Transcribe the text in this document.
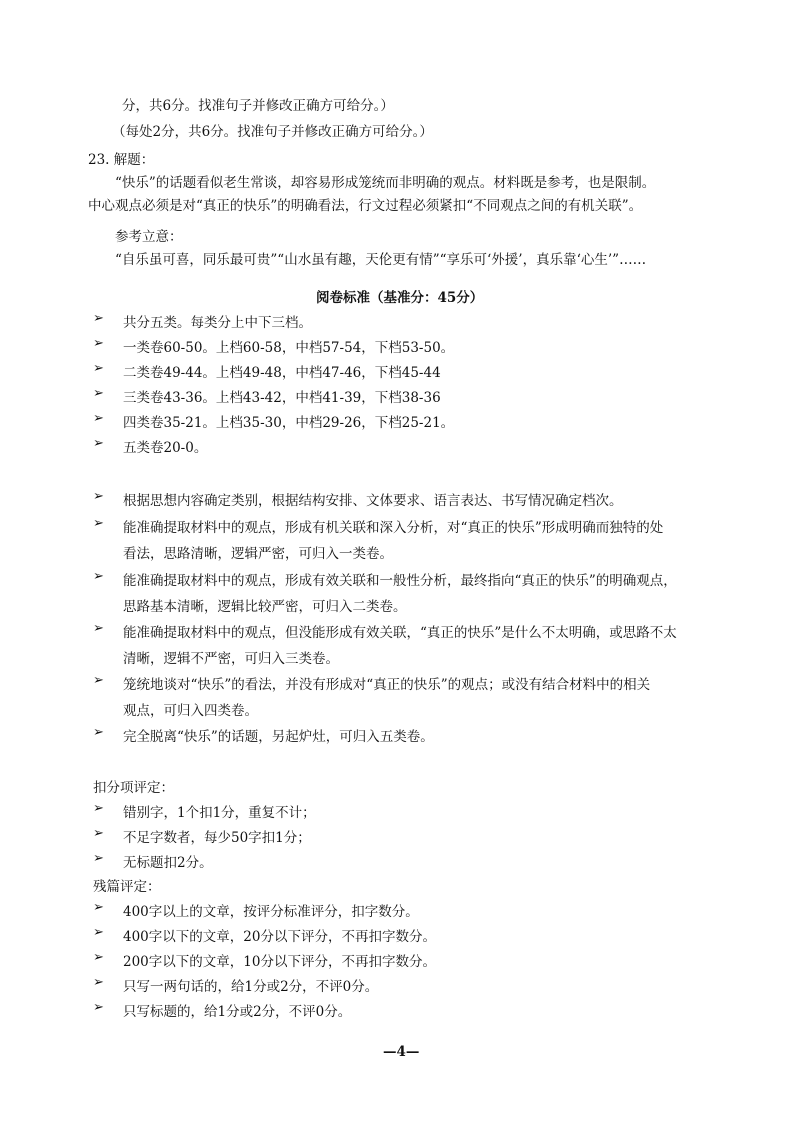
分，共6分。找准句子并修改正确方可给分。）
（每处2分，共6分。找准句子并修改正确方可给分。）
23. 解题：
“快乐”的话题看似老生常谈，却容易形成笼统而非明确的观点。材料既是参考，也是限制。
中心观点必须是对“真正的快乐”的明确看法，行文过程必须紧扣“不同观点之间的有机关联”。
参考立意：
“自乐虽可喜，同乐最可贵”“山水虽有趣，天伦更有情”“享乐可‘外援’，真乐靠‘心生’”……
阅卷标准（基准分：45分）
➢ 共分五类。每类分上中下三档。
➢ 一类卷60-50。上档60-58，中档57-54，下档53-50。
➢ 二类卷49-44。上档49-48，中档47-46，下档45-44
➢ 三类卷43-36。上档43-42，中档41-39，下档38-36
➢ 四类卷35-21。上档35-30，中档29-26，下档25-21。
➢ 五类卷20-0。
➢ 根据思想内容确定类别，根据结构安排、文体要求、语言表达、书写情况确定档次。
➢ 能准确提取材料中的观点，形成有机关联和深入分析，对“真正的快乐”形成明确而独特的处
看法，思路清晰，逻辑严密，可归入一类卷。
➢ 能准确提取材料中的观点，形成有效关联和一般性分析，最终指向“真正的快乐”的明确观点，
思路基本清晰，逻辑比较严密，可归入二类卷。
➢ 能准确提取材料中的观点，但没能形成有效关联，“真正的快乐”是什么不太明确，或思路不太
清晰，逻辑不严密，可归入三类卷。
➢ 笼统地谈对“快乐”的看法，并没有形成对“真正的快乐”的观点；或没有结合材料中的相关
观点，可归入四类卷。
➢ 完全脱离“快乐”的话题，另起炉灶，可归入五类卷。
扣分项评定：
➢ 错别字，1个扣1分，重复不计；
➢ 不足字数者，每少50字扣1分；
➢ 无标题扣2分。
残篇评定：
➢ 400字以上的文章，按评分标准评分，扣字数分。
➢ 400字以下的文章，20分以下评分，不再扣字数分。
➢ 200字以下的文章，10分以下评分，不再扣字数分。
➢ 只写一两句话的，给1分或2分，不评0分。
➢ 只写标题的，给1分或2分，不评0分。
—4—
